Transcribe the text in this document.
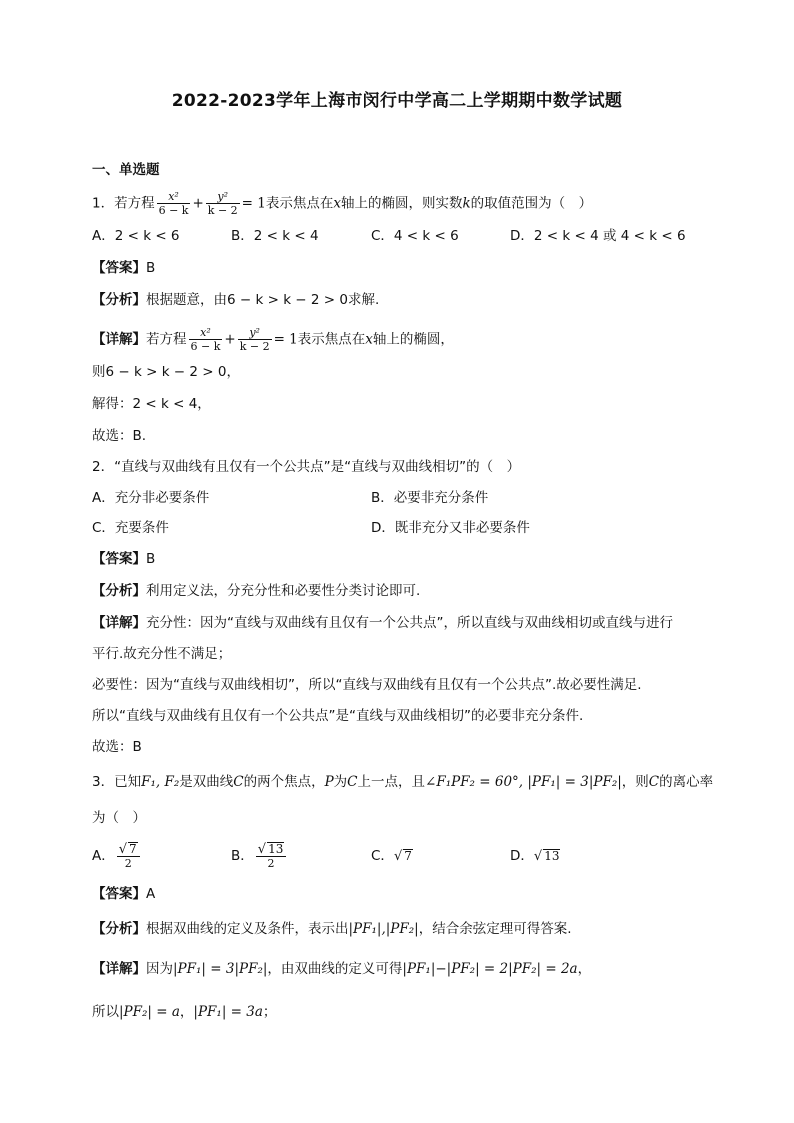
2022-2023学年上海市闵行中学高二上学期期中数学试题
一、单选题
1．若方程 $\frac{\text{x²}}{6 - k} + \frac{\text{y²}}{k - 2} = 1$表示焦点在x轴上的椭圆，则实数k的取值范围为（　）
A．2 < k < 6	B．2 < k < 4	C．4 < k < 6	D．2 < k < 4 或 4 < k < 6
【答案】B
【分析】根据题意，由6 − k > k − 2 > 0求解.
【详解】若方程 $\frac{\text{x²}}{6 - k} + \frac{\text{y²}}{k - 2} = 1$表示焦点在x轴上的椭圆，
则6 − k > k − 2 > 0，
解得：2 < k < 4，
故选：B.
2．“直线与双曲线有且仅有一个公共点”是“直线与双曲线相切”的（　）
A．充分非必要条件	B．必要非充分条件
C．充要条件	D．既非充分又非必要条件
【答案】B
【分析】利用定义法，分充分性和必要性分类讨论即可.
【详解】充分性：因为“直线与双曲线有且仅有一个公共点”，所以直线与双曲线相切或直线与进行
平行.故充分性不满足；
必要性：因为“直线与双曲线相切”，所以“直线与双曲线有且仅有一个公共点”.故必要性满足.
所以“直线与双曲线有且仅有一个公共点”是“直线与双曲线相切”的必要非充分条件.
故选：B
3．已知F₁, F₂是双曲线C的两个焦点，P为C上一点，且∠F₁PF₂ = 60°, |PF₁| = 3|PF₂|，则C的离心率
为（　）
A． $\frac{√ 7}{2}$	B． $\frac{√ 13}{2}$	C．√ 7	D．√ 13
【答案】A
【分析】根据双曲线的定义及条件，表示出|PF₁|,|PF₂|，结合余弦定理可得答案.
【详解】因为|PF₁| = 3|PF₂|，由双曲线的定义可得|PF₁|−|PF₂| = 2|PF₂| = 2a，
所以|PF₂| = a，|PF₁| = 3a；
